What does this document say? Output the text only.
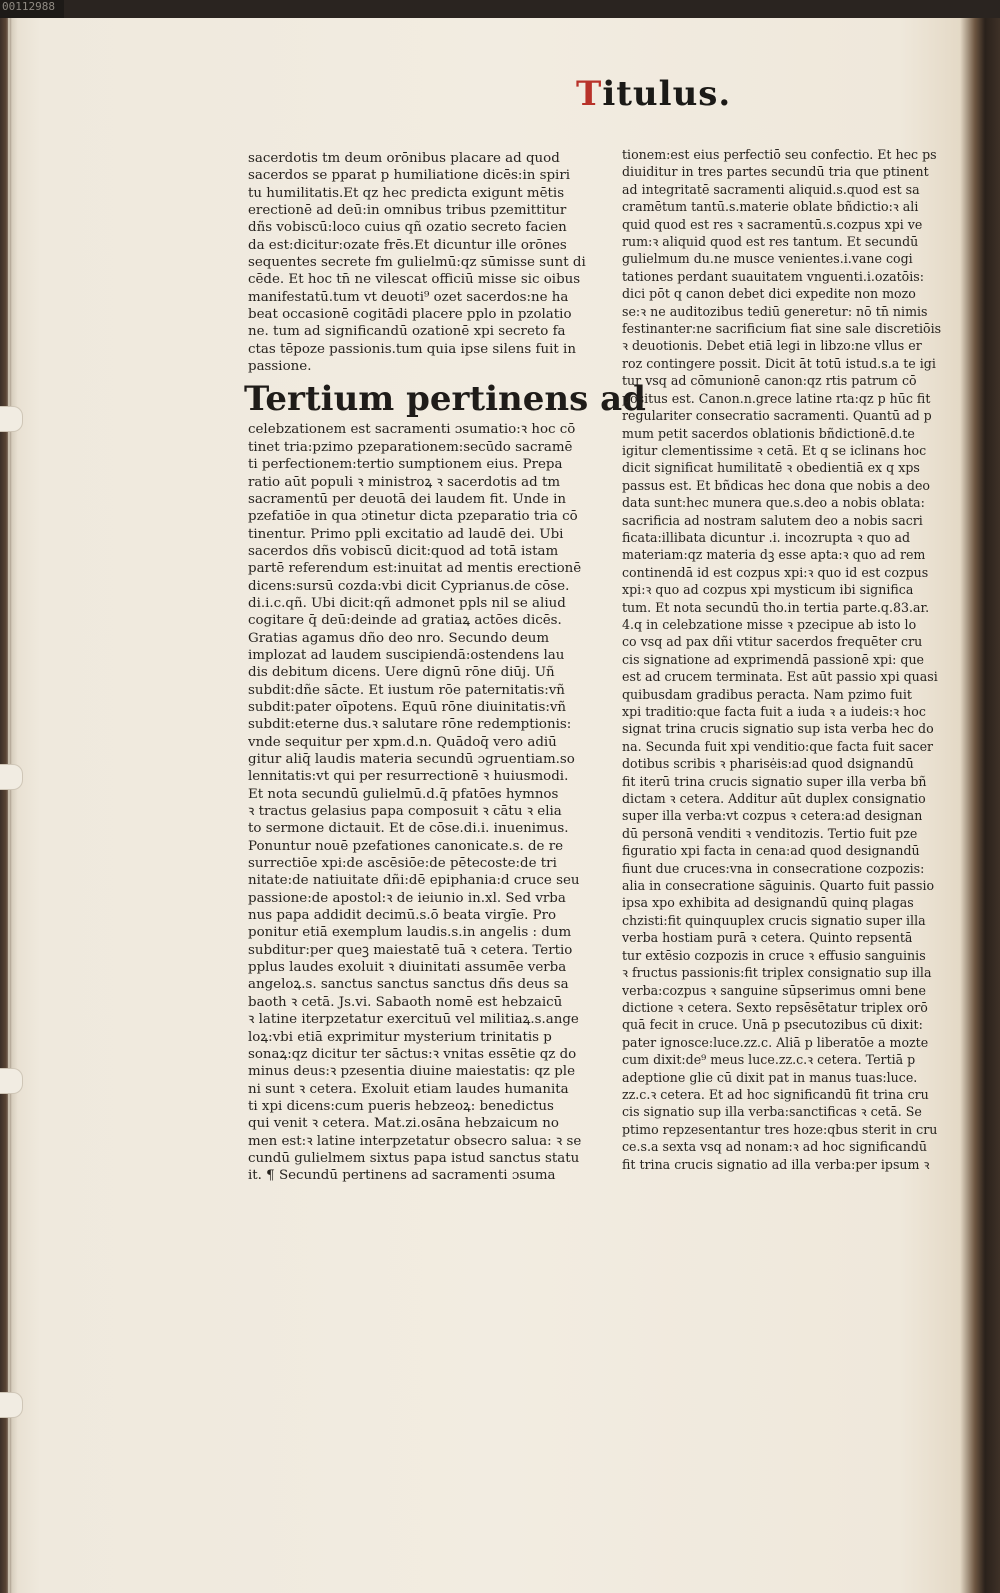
00112988
Titulus.
sacerdotis tm deum orōnibus placare ad quod
sacerdos se pparat p humiliatione dicēs:in spiri
tu humilitatis.Et qz hec predicta exigunt mētis
erectionē ad deū:in omnibus tribus pzemittitur
dñs vobiscū:loco cuius qñ ozatio secreto facien
da est:dicitur:ozate frēs.Et dicuntur ille orōnes
sequentes secrete fm gulielmū:qz sūmisse sunt di
cēde. Et hoc tn̄ ne vilescat officiū misse sic oibus
manifestatū.tum vt deuoti⁹ ozet sacerdos:ne ha
beat occasionē cogitādi placere pplo in pzolatio
ne. tum ad significandū ozationē xpi secreto fa
ctas tēpoze passionis.tum quia ipse silens fuit in
passione.
Tertium pertinens ad
celebzationem est sacramenti ɔsumatio:ꝛ hoc cō
tinet tria:pzimo pzeparationem:secūdo sacramē
ti perfectionem:tertio sumptionem eius. Prepa
ratio aūt populi ꝛ ministroꝝ ꝛ sacerdotis ad tm
sacramentū per deuotā dei laudem fit. Unde in
pzefatiōe in qua ɔtinetur dicta pzeparatio tria cō
tinentur. Primo ppli excitatio ad laudē dei. Ubi
sacerdos dñs vobiscū dicit:quod ad totā istam
partē referendum est:inuitat ad mentis erectionē
dicens:sursū cozda:vbi dicit Cyprianus.de cōse.
di.i.c.qñ. Ubi dicit:qñ admonet ppls nil se aliud
cogitare q̄ deū:deinde ad gratiaꝝ actōes dicēs.
Gratias agamus dño deo nro. Secundo deum
implozat ad laudem suscipiendā:ostendens lau
dis debitum dicens. Uere dignū rōne diūj. Uñ
subdit:dñe sācte. Et iustum rōe paternitatis:vñ
subdit:pater oīpotens. Equū rōne diuinitatis:vñ
subdit:eterne dus.ꝛ salutare rōne redemptionis:
vnde sequitur per xpm.d.n. Quādoq̄ vero adiū
gitur aliq̄ laudis materia secundū ɔgruentiam.so
lennitatis:vt qui per resurrectionē ꝛ huiusmodi.
Et nota secundū gulielmū.d.q̄ pfatōes hymnos
ꝛ tractus gelasius papa composuit ꝛ cātu ꝛ elia
to sermone dictauit. Et de cōse.di.i. inuenimus.
Ponuntur nouē pzefationes canonicate.s. de re
surrectiōe xpi:de ascēsiōe:de pētecoste:de tri
nitate:de natiuitate dñi:dē epiphania:d cruce seu
passione:de apostol:ꝛ de ieiunio in.xl. Sed vrba
nus papa addidit decimū.s.ō beata virgīe. Pro
ponitur etiā exemplum laudis.s.in angelis : dum
subditur:per queꝫ maiestatē tuā ꝛ cetera. Tertio
pplus laudes exoluit ꝛ diuinitati assumēe verba
angeloꝝ.s. sanctus sanctus sanctus dñs deus sa
baoth ꝛ cetā. Js.vi. Sabaoth nomē est hebzaicū
ꝛ latine iterpzetatur exercituū vel militiaꝝ.s.ange
loꝝ:vbi etiā exprimitur mysterium trinitatis p
sonaꝝ:qz dicitur ter sāctus:ꝛ vnitas essētie qz do
minus deus:ꝛ pzesentia diuine maiestatis: qz ple
ni sunt ꝛ cetera. Exoluit etiam laudes humanita
ti xpi dicens:cum pueris hebzeoꝝ: benedictus
qui venit ꝛ cetera. Mat.zi.osāna hebzaicum no
men est:ꝛ latine interpzetatur obsecro salua: ꝛ se
cundū gulielmem sixtus papa istud sanctus statu
it. ¶ Secundū pertinens ad sacramenti ɔsuma
tionem:est eius perfectiō seu confectio. Et hec ps
diuiditur in tres partes secundū tria que ptinent
ad integritatē sacramenti aliquid.s.quod est sa
cramētum tantū.s.materie oblate bñdictio:ꝛ ali
quid quod est res ꝛ sacramentū.s.cozpus xpi ve
rum:ꝛ aliquid quod est res tantum. Et secundū
gulielmum du.ne musce venientes.i.vane cogi
tationes perdant suauitatem vnguenti.i.ozatōis:
dici pōt q canon debet dici expedite non mozo
se:ꝛ ne auditozibus tediū generetur: nō tn̄ nimis
festinanter:ne sacrificium fiat sine sale discretiōis
ꝛ deuotionis. Debet etiā legi in libzo:ne vllus er
roz contingere possit. Dicit āt totū istud.s.a te igi
tur vsq ad cōmunionē canon:qz rtis patrum cō
positus est. Canon.n.grece latine rta:qz p hūc fit
regulariter consecratio sacramenti. Quantū ad p
mum petit sacerdos oblationis bñdictionē.d.te
igitur clementissime ꝛ cetā. Et q se iclinans hoc
dicit significat humilitatē ꝛ obedientiā ex q xps
passus est. Et bñdicas hec dona que nobis a deo
data sunt:hec munera que.s.deo a nobis oblata:
sacrificia ad nostram salutem deo a nobis sacri
ficata:illibata dicuntur .i. incozrupta ꝛ quo ad
materiam:qz materia dꝫ esse apta:ꝛ quo ad rem
continendā id est cozpus xpi:ꝛ quo id est cozpus
xpi:ꝛ quo ad cozpus xpi mysticum ibi significa
tum. Et nota secundū tho.in tertia parte.q.83.ar.
4.q in celebzatione misse ꝛ pzecipue ab isto lo
co vsq ad pax dñi vtitur sacerdos frequēter cru
cis signatione ad exprimendā passionē xpi: que
est ad crucem terminata. Est aūt passio xpi quasi
quibusdam gradibus peracta. Nam pzimo fuit
xpi traditio:que facta fuit a iuda ꝛ a iudeis:ꝛ hoc
signat trina crucis signatio sup ista verba hec do
na. Secunda fuit xpi venditio:que facta fuit sacer
dotibus scribis ꝛ pharisėis:ad quod dsignandū
fit iterū trina crucis signatio super illa verba bñ
dictam ꝛ cetera. Additur aūt duplex consignatio
super illa verba:vt cozpus ꝛ cetera:ad designan
dū personā venditi ꝛ venditozis. Tertio fuit pze
figuratio xpi facta in cena:ad quod designandū
fiunt due cruces:vna in consecratione cozpozis:
alia in consecratione sāguinis. Quarto fuit passio
ipsa xpo exhibita ad designandū quinq plagas
chzisti:fit quinquuplex crucis signatio super illa
verba hostiam purā ꝛ cetera. Quinto repsentā
tur extēsio cozpozis in cruce ꝛ effusio sanguinis
ꝛ fructus passionis:fit triplex consignatio sup illa
verba:cozpus ꝛ sanguine sūpserimus omni bene
dictione ꝛ cetera. Sexto repsēsētatur triplex orō
quā fecit in cruce. Unā p psecutozibus cū dixit:
pater ignosce:luce.zz.c. Aliā p liberatōe a mozte
cum dixit:de⁹ meus luce.zz.c.ꝛ cetera. Tertiā p
adeptione glie cū dixit pat in manus tuas:luce.
zz.c.ꝛ cetera. Et ad hoc significandū fit trina cru
cis signatio sup illa verba:sanctificas ꝛ cetā. Se
ptimo repzesentantur tres hoze:qbus sterit in cru
ce.s.a sexta vsq ad nonam:ꝛ ad hoc significandū
fit trina crucis signatio ad illa verba:per ipsum ꝛ
